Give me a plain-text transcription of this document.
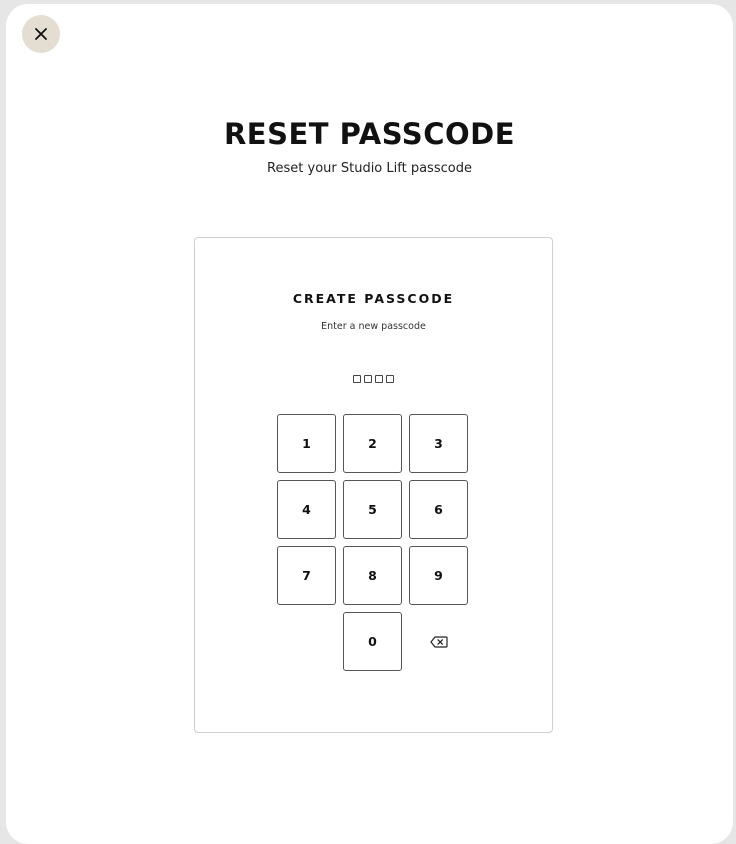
RESET PASSCODE

Reset your Studio Lift passcode

CREATE PASSCODE

Enter a new passcode

1	2	3
4	5	6
7	8	9
0
